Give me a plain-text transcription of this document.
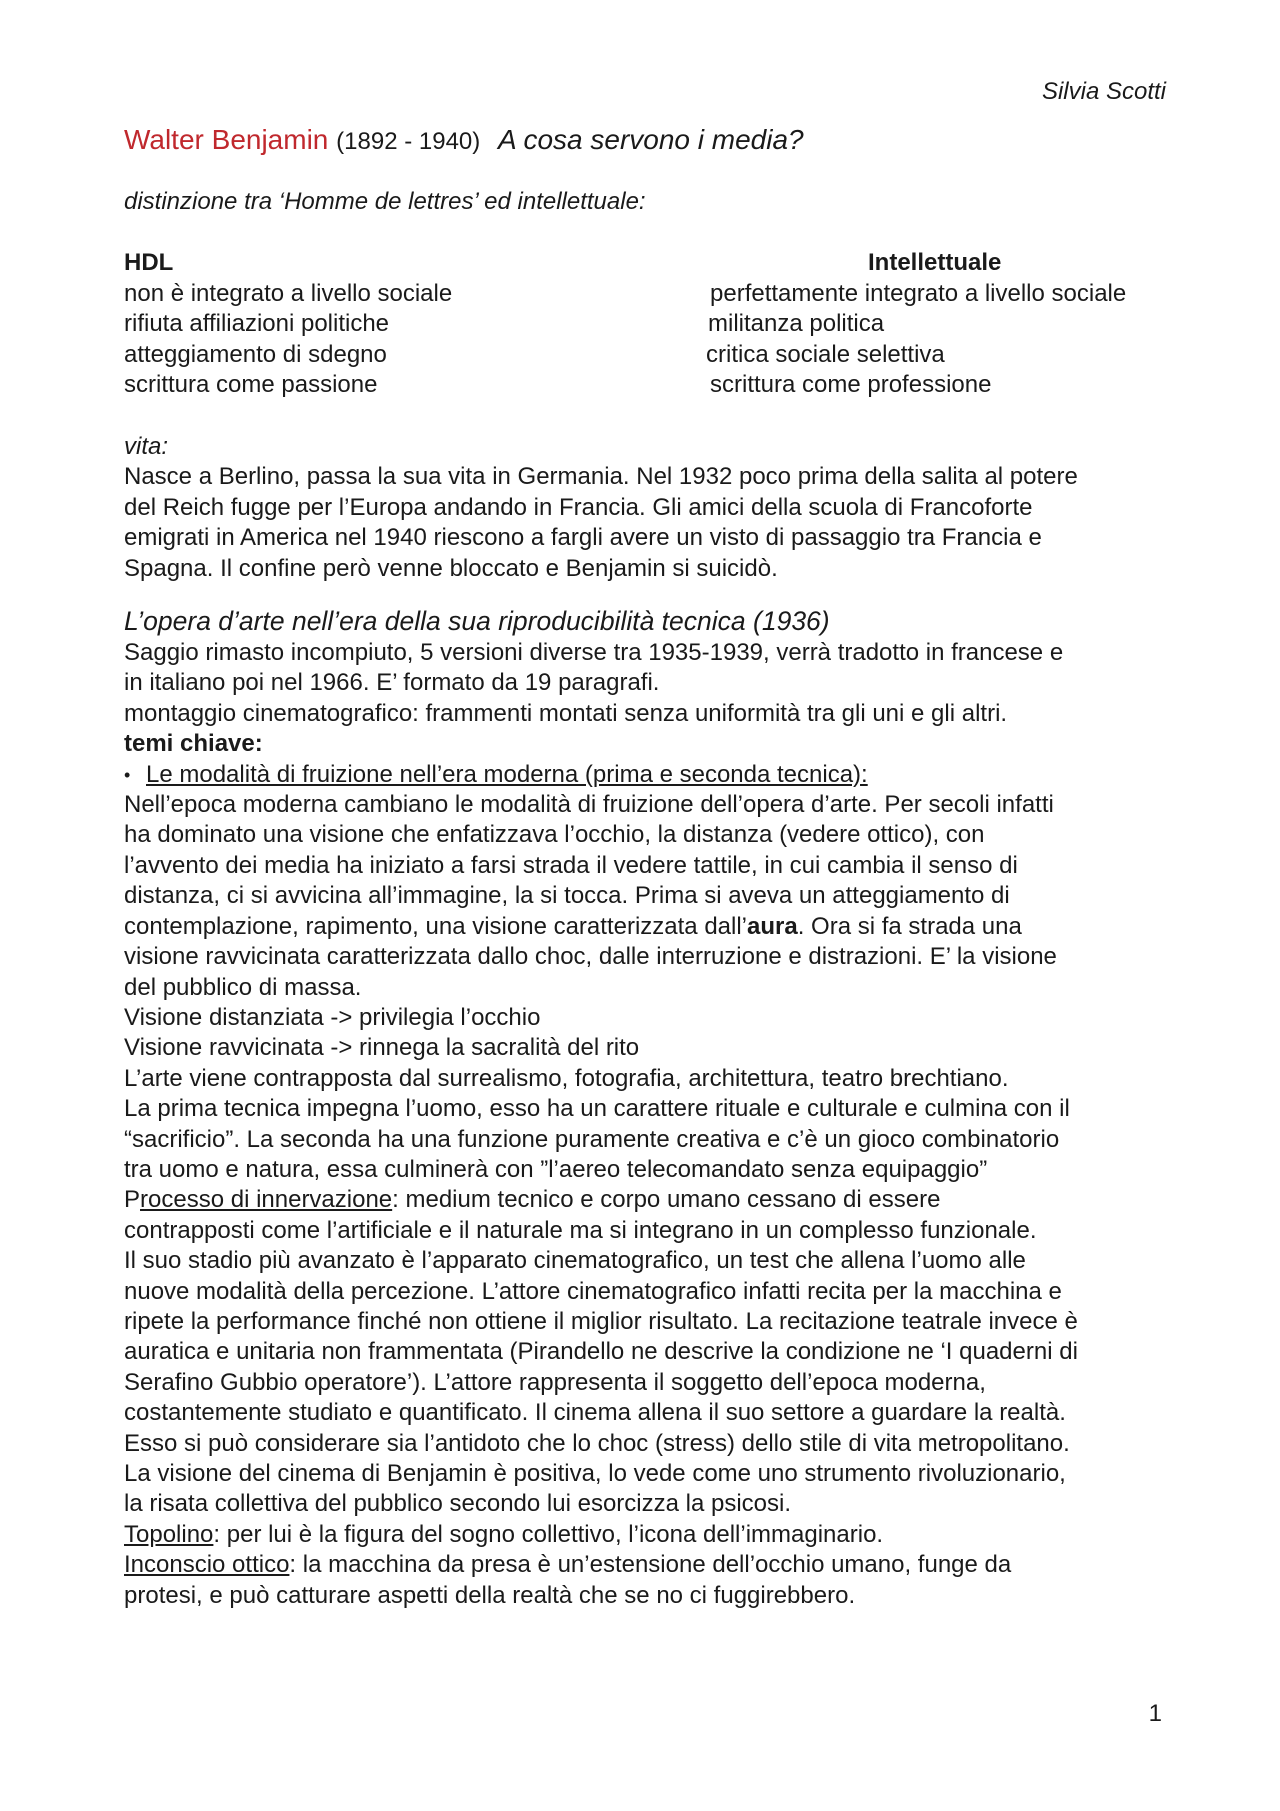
Silvia Scotti
Walter Benjamin (1892 - 1940) A cosa servono i media?
distinzione tra ‘Homme de lettres’ ed intellettuale:
HDL	Intellettuale
non è integrato a livello sociale	perfettamente integrato a livello sociale
rifiuta affiliazioni politiche	militanza politica
atteggiamento di sdegno	critica sociale selettiva
scrittura come passione	scrittura come professione

vita:

Nasce a Berlino, passa la sua vita in Germania. Nel 1932 poco prima della salita al potere

del Reich fugge per l’Europa andando in Francia. Gli amici della scuola di Francoforte

emigrati in America nel 1940 riescono a fargli avere un visto di passaggio tra Francia e

Spagna. Il confine però venne bloccato e Benjamin si suicidò.

L’opera d’arte nell’era della sua riproducibilità tecnica (1936)

Saggio rimasto incompiuto, 5 versioni diverse tra 1935-1939, verrà tradotto in francese e

in italiano poi nel 1966. E’ formato da 19 paragrafi.

montaggio cinematografico: frammenti montati senza uniformità tra gli uni e gli altri.

temi chiave:

• Le modalità di fruizione nell’era moderna (prima e seconda tecnica):

Nell’epoca moderna cambiano le modalità di fruizione dell’opera d’arte. Per secoli infatti

ha dominato una visione che enfatizzava l’occhio, la distanza (vedere ottico), con

l’avvento dei media ha iniziato a farsi strada il vedere tattile, in cui cambia il senso di

distanza, ci si avvicina all’immagine, la si tocca. Prima si aveva un atteggiamento di

contemplazione, rapimento, una visione caratterizzata dall’aura. Ora si fa strada una

visione ravvicinata caratterizzata dallo choc, dalle interruzione e distrazioni. E’ la visione

del pubblico di massa.

Visione distanziata -> privilegia l’occhio

Visione ravvicinata -> rinnega la sacralità del rito

L’arte viene contrapposta dal surrealismo, fotografia, architettura, teatro brechtiano.

La prima tecnica impegna l’uomo, esso ha un carattere rituale e culturale e culmina con il

“sacrificio”. La seconda ha una funzione puramente creativa e c’è un gioco combinatorio

tra uomo e natura, essa culminerà con ”l’aereo telecomandato senza equipaggio”

Processo di innervazione: medium tecnico e corpo umano cessano di essere

contrapposti come l’artificiale e il naturale ma si integrano in un complesso funzionale.

Il suo stadio più avanzato è l’apparato cinematografico, un test che allena l’uomo alle

nuove modalità della percezione. L’attore cinematografico infatti recita per la macchina e

ripete la performance finché non ottiene il miglior risultato. La recitazione teatrale invece è

auratica e unitaria non frammentata (Pirandello ne descrive la condizione ne ‘I quaderni di

Serafino Gubbio operatore’). L’attore rappresenta il soggetto dell’epoca moderna,

costantemente studiato e quantificato. Il cinema allena il suo settore a guardare la realtà.

Esso si può considerare sia l’antidoto che lo choc (stress) dello stile di vita metropolitano.

La visione del cinema di Benjamin è positiva, lo vede come uno strumento rivoluzionario,

la risata collettiva del pubblico secondo lui esorcizza la psicosi.

Topolino: per lui è la figura del sogno collettivo, l’icona dell’immaginario.

Inconscio ottico: la macchina da presa è un’estensione dell’occhio umano, funge da

protesi, e può catturare aspetti della realtà che se no ci fuggirebbero.

1
